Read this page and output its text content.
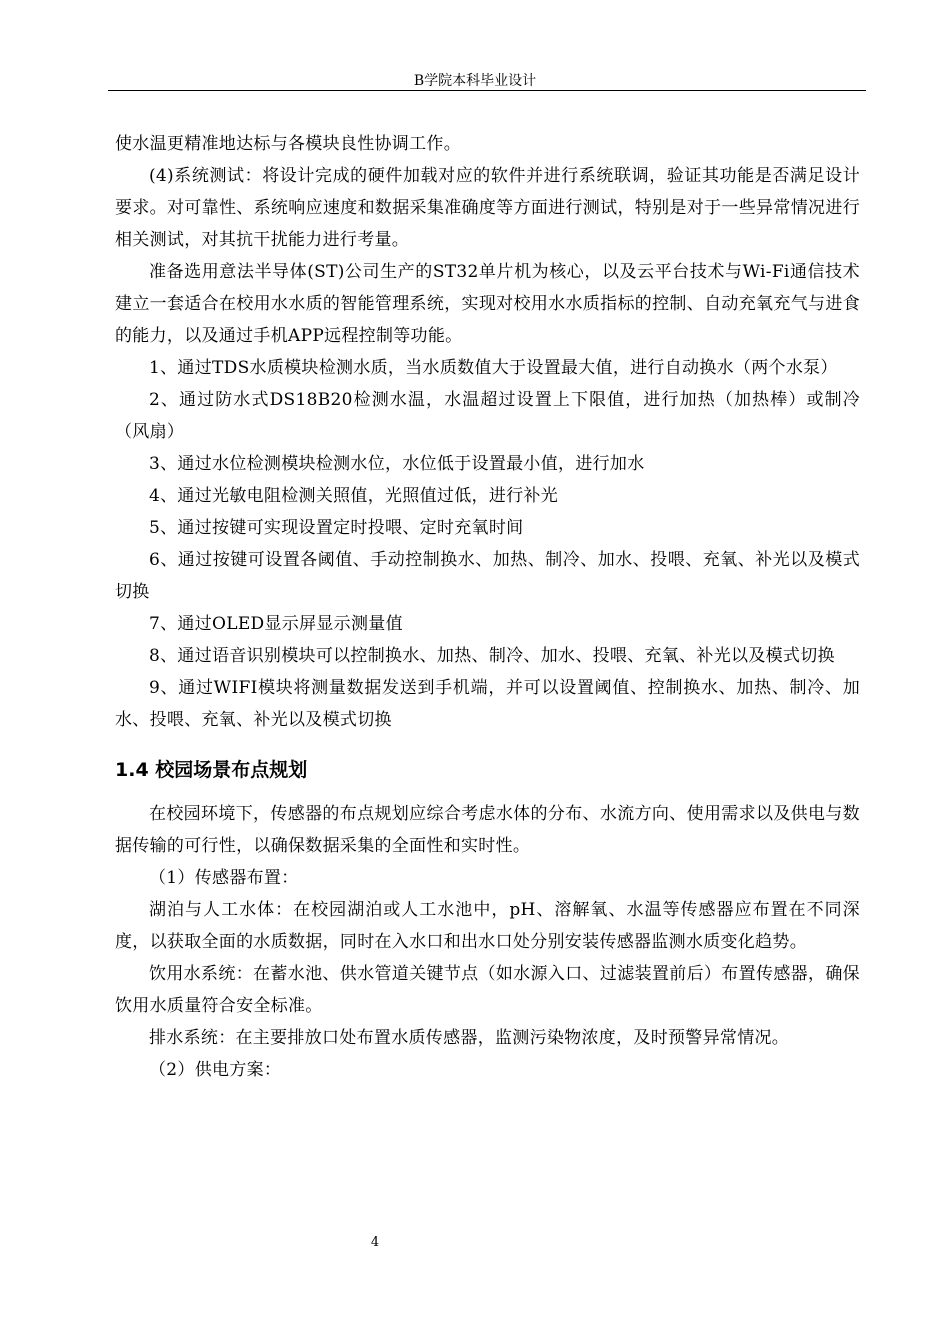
B学院本科毕业设计

使水温更精准地达标与各模块良性协调工作。

(4)系统测试：将设计完成的硬件加载对应的软件并进行系统联调，验证其功能是否满足设计要求。对可靠性、系统响应速度和数据采集准确度等方面进行测试，特别是对于一些异常情况进行相关测试，对其抗干扰能力进行考量。

准备选用意法半导体(ST)公司生产的ST32单片机为核心，以及云平台技术与Wi-Fi通信技术建立一套适合在校用水水质的智能管理系统，实现对校用水水质指标的控制、自动充氧充气与进食的能力，以及通过手机APP远程控制等功能。

1、通过TDS水质模块检测水质，当水质数值大于设置最大值，进行自动换水（两个水泵）

2、通过防水式DS18B20检测水温，水温超过设置上下限值，进行加热（加热棒）或制冷（风扇）

3、通过水位检测模块检测水位，水位低于设置最小值，进行加水

4、通过光敏电阻检测关照值，光照值过低，进行补光

5、通过按键可实现设置定时投喂、定时充氧时间

6、通过按键可设置各阈值、手动控制换水、加热、制冷、加水、投喂、充氧、补光以及模式切换

7、通过OLED显示屏显示测量值

8、通过语音识别模块可以控制换水、加热、制冷、加水、投喂、充氧、补光以及模式切换

9、通过WIFI模块将测量数据发送到手机端，并可以设置阈值、控制换水、加热、制冷、加水、投喂、充氧、补光以及模式切换

1.4 校园场景布点规划

在校园环境下，传感器的布点规划应综合考虑水体的分布、水流方向、使用需求以及供电与数据传输的可行性，以确保数据采集的全面性和实时性。

（1）传感器布置：

湖泊与人工水体：在校园湖泊或人工水池中，pH、溶解氧、水温等传感器应布置在不同深度，以获取全面的水质数据，同时在入水口和出水口处分别安装传感器监测水质变化趋势。

饮用水系统：在蓄水池、供水管道关键节点（如水源入口、过滤装置前后）布置传感器，确保饮用水质量符合安全标准。

排水系统：在主要排放口处布置水质传感器，监测污染物浓度，及时预警异常情况。

（2）供电方案：

4
